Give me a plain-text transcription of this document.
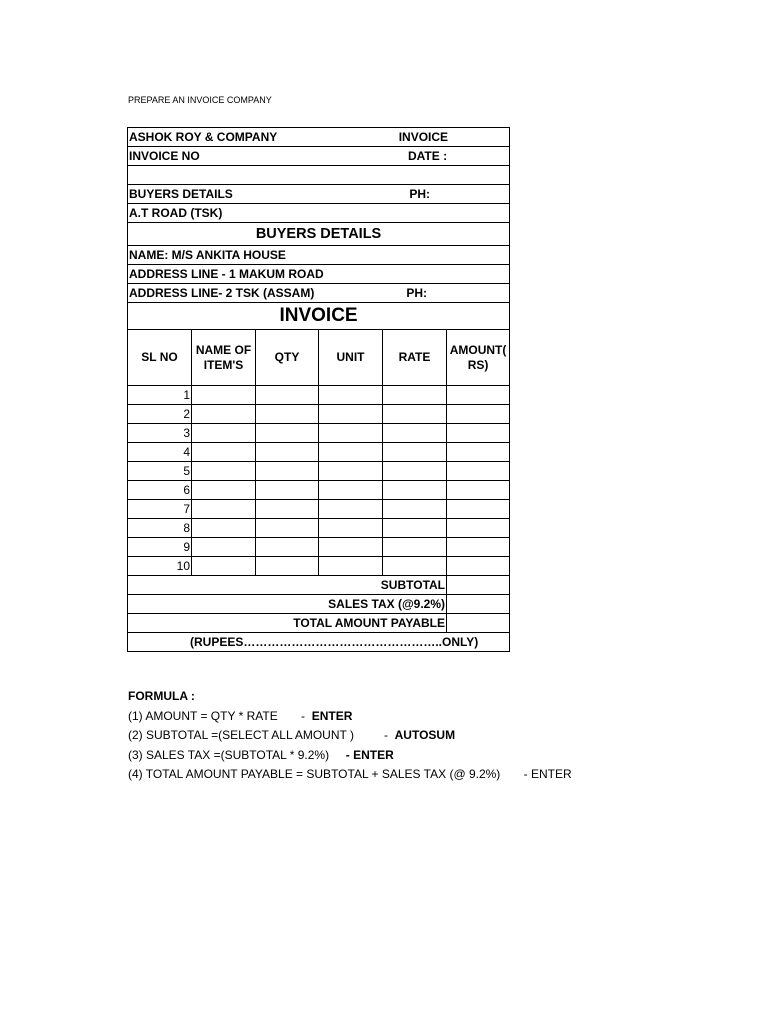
PREPARE AN INVOICE COMPANY
ASHOK ROY & COMPANY INVOICE					

INVOICE NO DATE :					

BUYERS DETAILS PH:					

A.T ROAD (TSK)					
BUYERS DETAILS					
NAME: M/S ANKITA HOUSE					
ADDRESS LINE - 1 MAKUM ROAD					

ADDRESS LINE- 2 TSK (ASSAM) PH:					

INVOICE					
SL NO	NAME OF ITEM'S	QTY	UNIT	RATE	AMOUNT( RS)
1					
2					
3					
4					
5					
6					
7					
8					
9					
10					
SUBTOTAL					
SALES TAX (@9.2%)					
TOTAL AMOUNT PAYABLE					
(RUPEES…………………………………………..ONLY)					
FORMULA :
(1) AMOUNT = QTY * RATE       -  ENTER
(2) SUBTOTAL =(SELECT ALL AMOUNT )         -  AUTOSUM
(3) SALES TAX =(SUBTOTAL * 9.2%)     - ENTER
(4) TOTAL AMOUNT PAYABLE = SUBTOTAL + SALES TAX (@ 9.2%)       - ENTER
